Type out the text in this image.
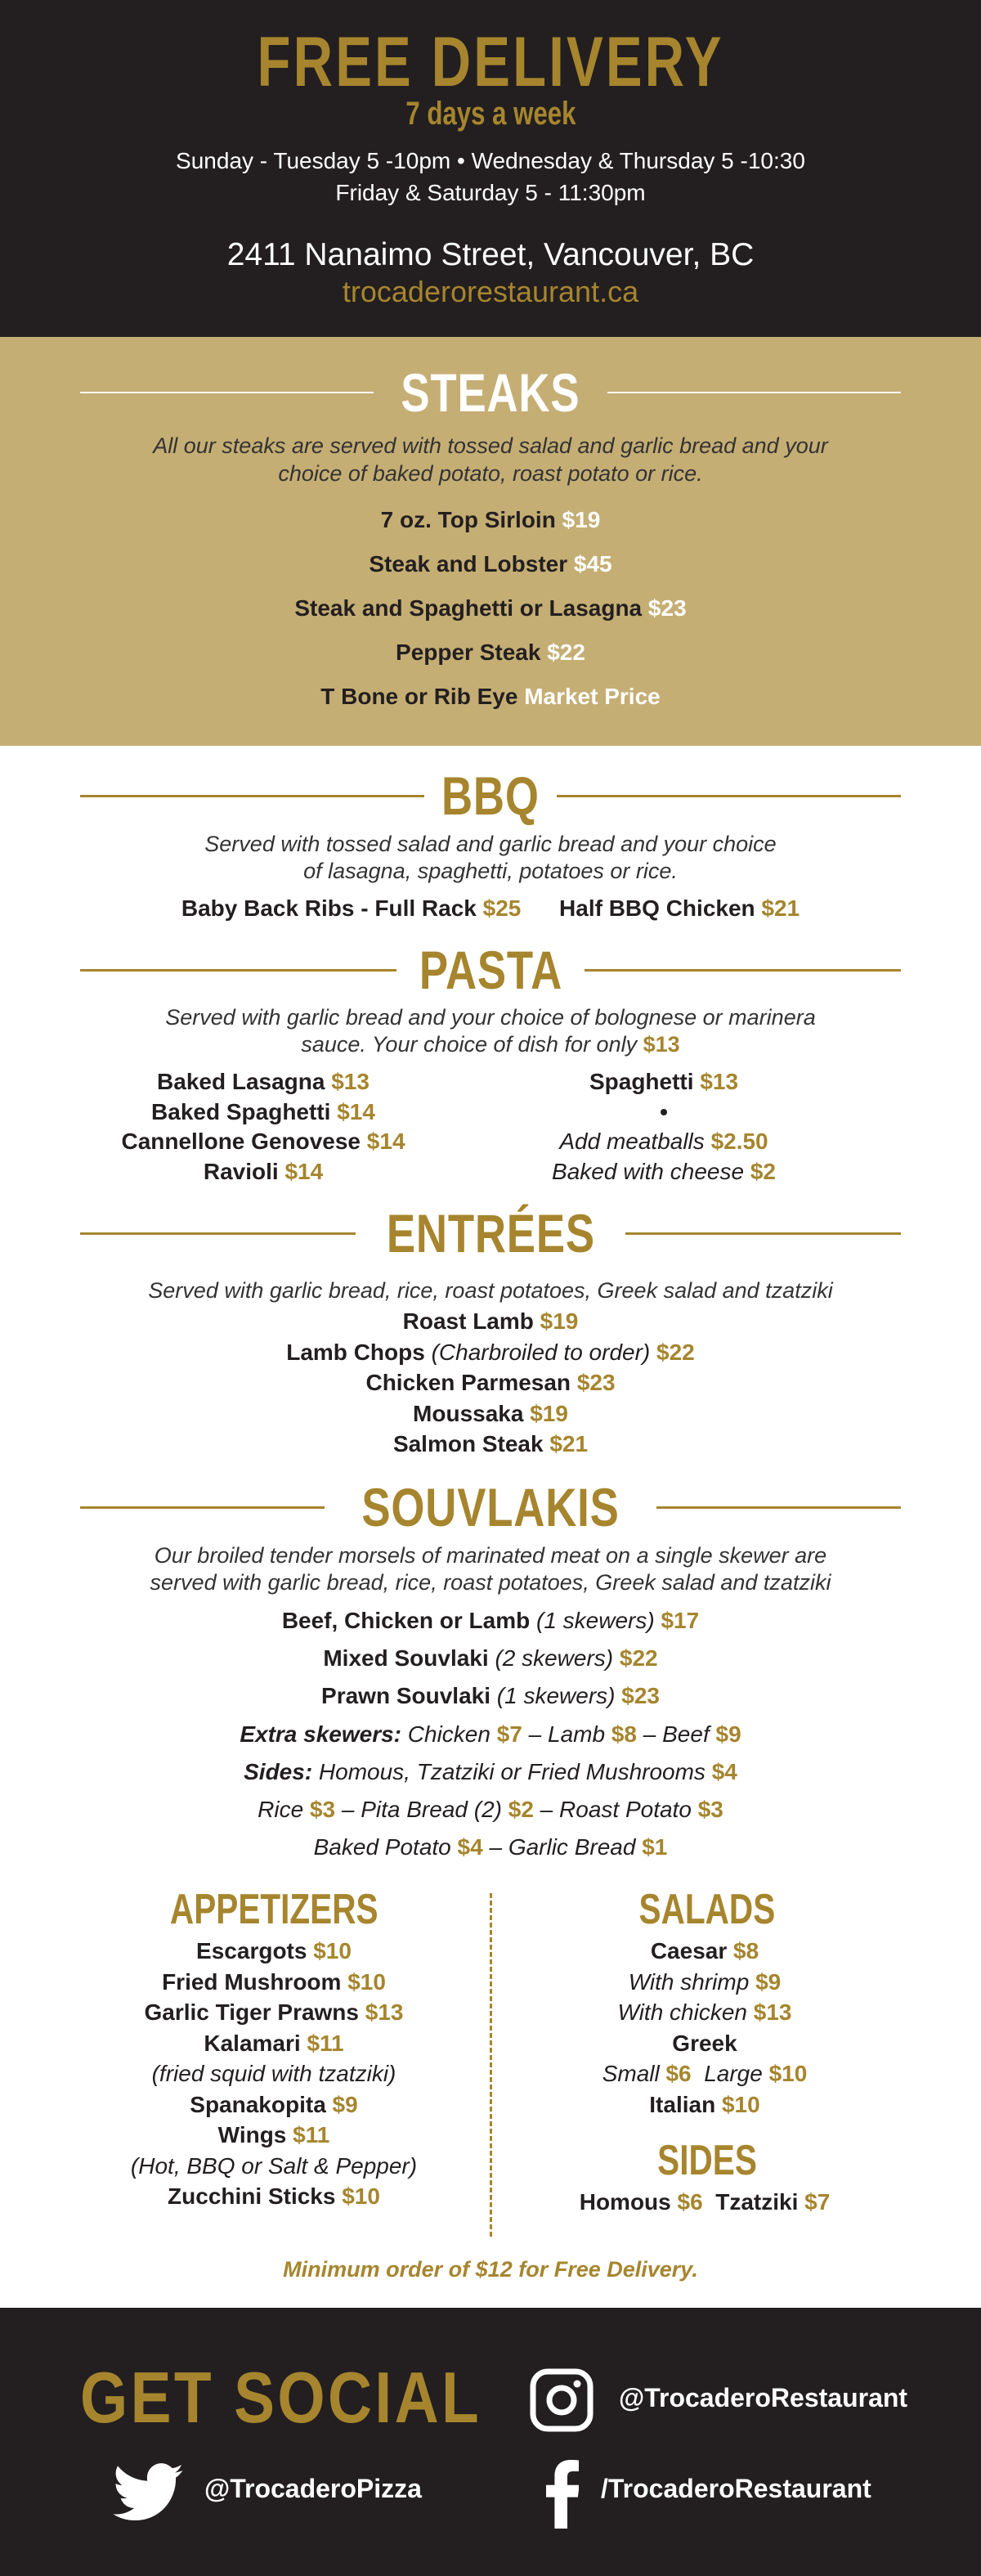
FREE DELIVERY
7 days a week
Sunday - Tuesday 5 -10pm • Wednesday & Thursday 5 -10:30
Friday & Saturday 5 - 11:30pm
2411 Nanaimo Street, Vancouver, BC
trocaderorestaurant.ca
STEAKS
All our steaks are served with tossed salad and garlic bread and your
choice of baked potato, roast potato or rice.
7 oz. Top Sirloin $19
Steak and Lobster $45
Steak and Spaghetti or Lasagna $23
Pepper Steak $22
T Bone or Rib Eye Market Price
BBQ
Served with tossed salad and garlic bread and your choice
of lasagna, spaghetti, potatoes or rice.
PASTA
Served with garlic bread and your choice of bolognese or marinera
ENTRÉES
Served with garlic bread, rice, roast potatoes, Greek salad and tzatziki
SOUVLAKIS
Our broiled tender morsels of marinated meat on a single skewer are
served with garlic bread, rice, roast potatoes, Greek salad and tzatziki
APPETIZERS	SALADS
SIDES
Minimum order of $12 for Free Delivery.
GET SOCIAL	@TrocaderoRestaurant
@TrocaderoPizza	/TrocaderoRestaurant
Baby Back Ribs - Full Rack $25      Half BBQ Chicken $21
sauce. Your choice of dish for only $13
Baked Lasagna $13
Baked Spaghetti $14
Cannellone Genovese $14
Ravioli $14
Spaghetti $13
•
Add meatballs $2.50
Baked with cheese $2
Roast Lamb $19
Lamb Chops (Charbroiled to order) $22
Chicken Parmesan $23
Moussaka $19
Salmon Steak $21
Beef, Chicken or Lamb (1 skewers) $17
Mixed Souvlaki (2 skewers) $22
Prawn Souvlaki (1 skewers) $23
Extra skewers: Chicken $7 – Lamb $8 – Beef $9
Sides: Homous, Tzatziki or Fried Mushrooms $4
Rice $3 – Pita Bread (2) $2 – Roast Potato $3
Baked Potato $4 – Garlic Bread $1
Escargots $10
Fried Mushroom $10
Garlic Tiger Prawns $13
Kalamari $11
(fried squid with tzatziki)
Spanakopita $9
Wings $11
(Hot, BBQ or Salt & Pepper)
Zucchini Sticks $10
Caesar $8
With shrimp $9
With chicken $13
Greek
Small $6  Large $10
Italian $10
Homous $6  Tzatziki $7
